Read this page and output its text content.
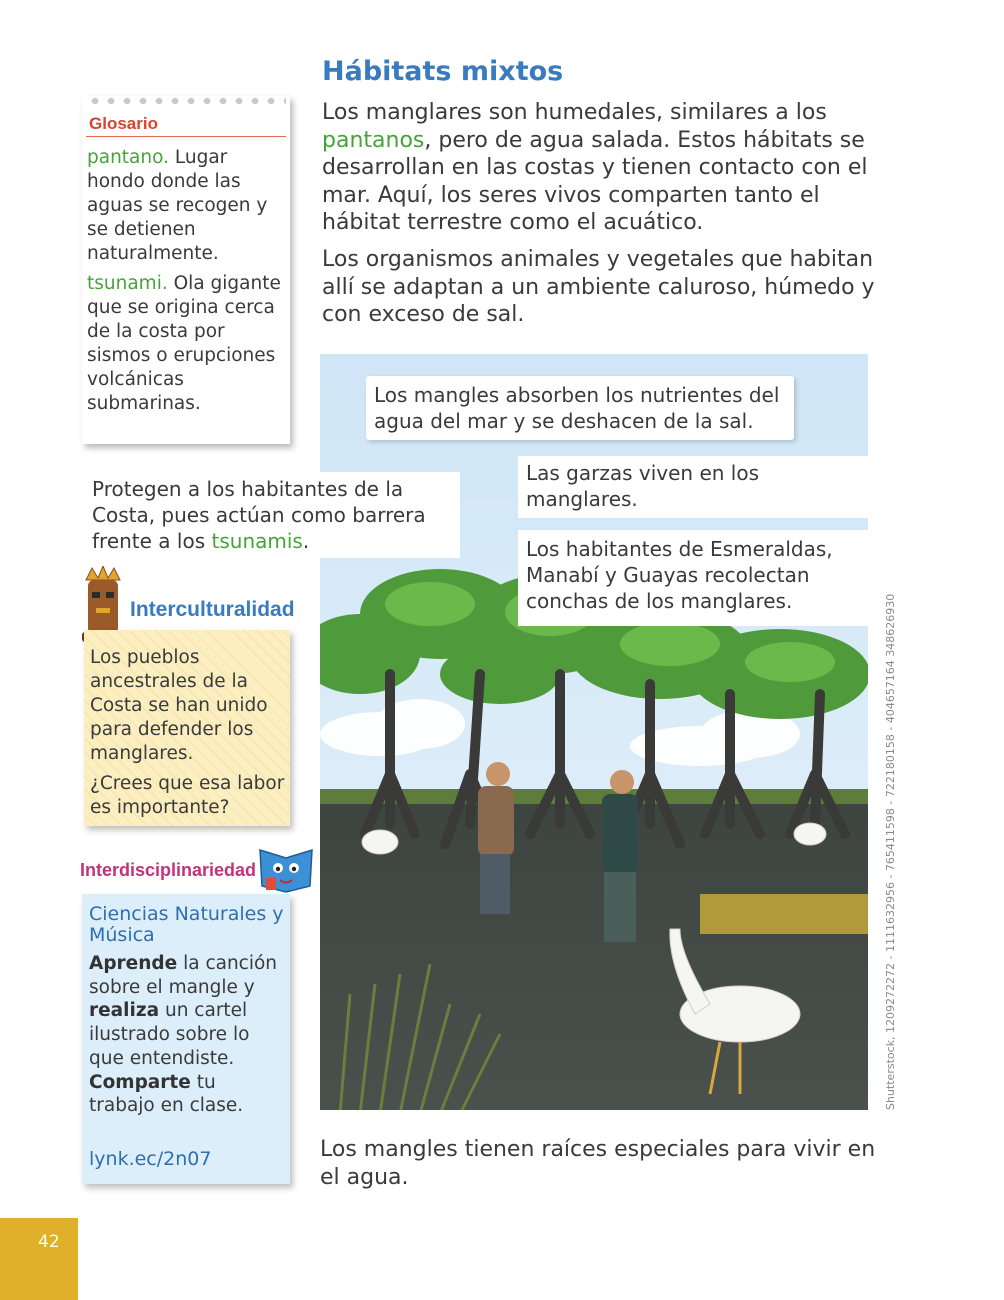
Glosario

pantano. Lugar hondo donde las aguas se recogen y se detienen naturalmente.

tsunami. Ola gigante que se origina cerca de la costa por sismos o erupciones volcánicas submarinas.

Hábitats mixtos

Los manglares son humedales, similares a los pantanos, pero de agua salada. Estos hábitats se desarrollan en las costas y tienen contacto con el mar. Aquí, los seres vivos comparten tanto el hábitat terrestre como el acuático.

Los organismos animales y vegetales que habitan allí se adaptan a un ambiente caluroso, húmedo y con exceso de sal.

Los mangles absorben los nutrientes del agua del mar y se deshacen de la sal.
Las garzas viven en los manglares.
Los habitantes de Esmeraldas, Manabí y Guayas recolectan conchas de los manglares.
Protegen a los habitantes de la Costa, pues actúan como barrera frente a los tsunamis.

Los mangles tienen raíces especiales para vivir en el agua.

Shutterstock, 1209272272 - 1111632956 - 765411598 - 722180158 - 404657164 348626930
Interculturalidad

Los pueblos ancestrales de la Costa se han unido para defender los manglares.

¿Crees que esa labor es importante?

Interdisciplinariedad
Ciencias Naturales y Música
Aprende la canción sobre el mangle y realiza un cartel ilustrado sobre lo que entendiste. Comparte tu trabajo en clase.
lynk.ec/2n07
42
